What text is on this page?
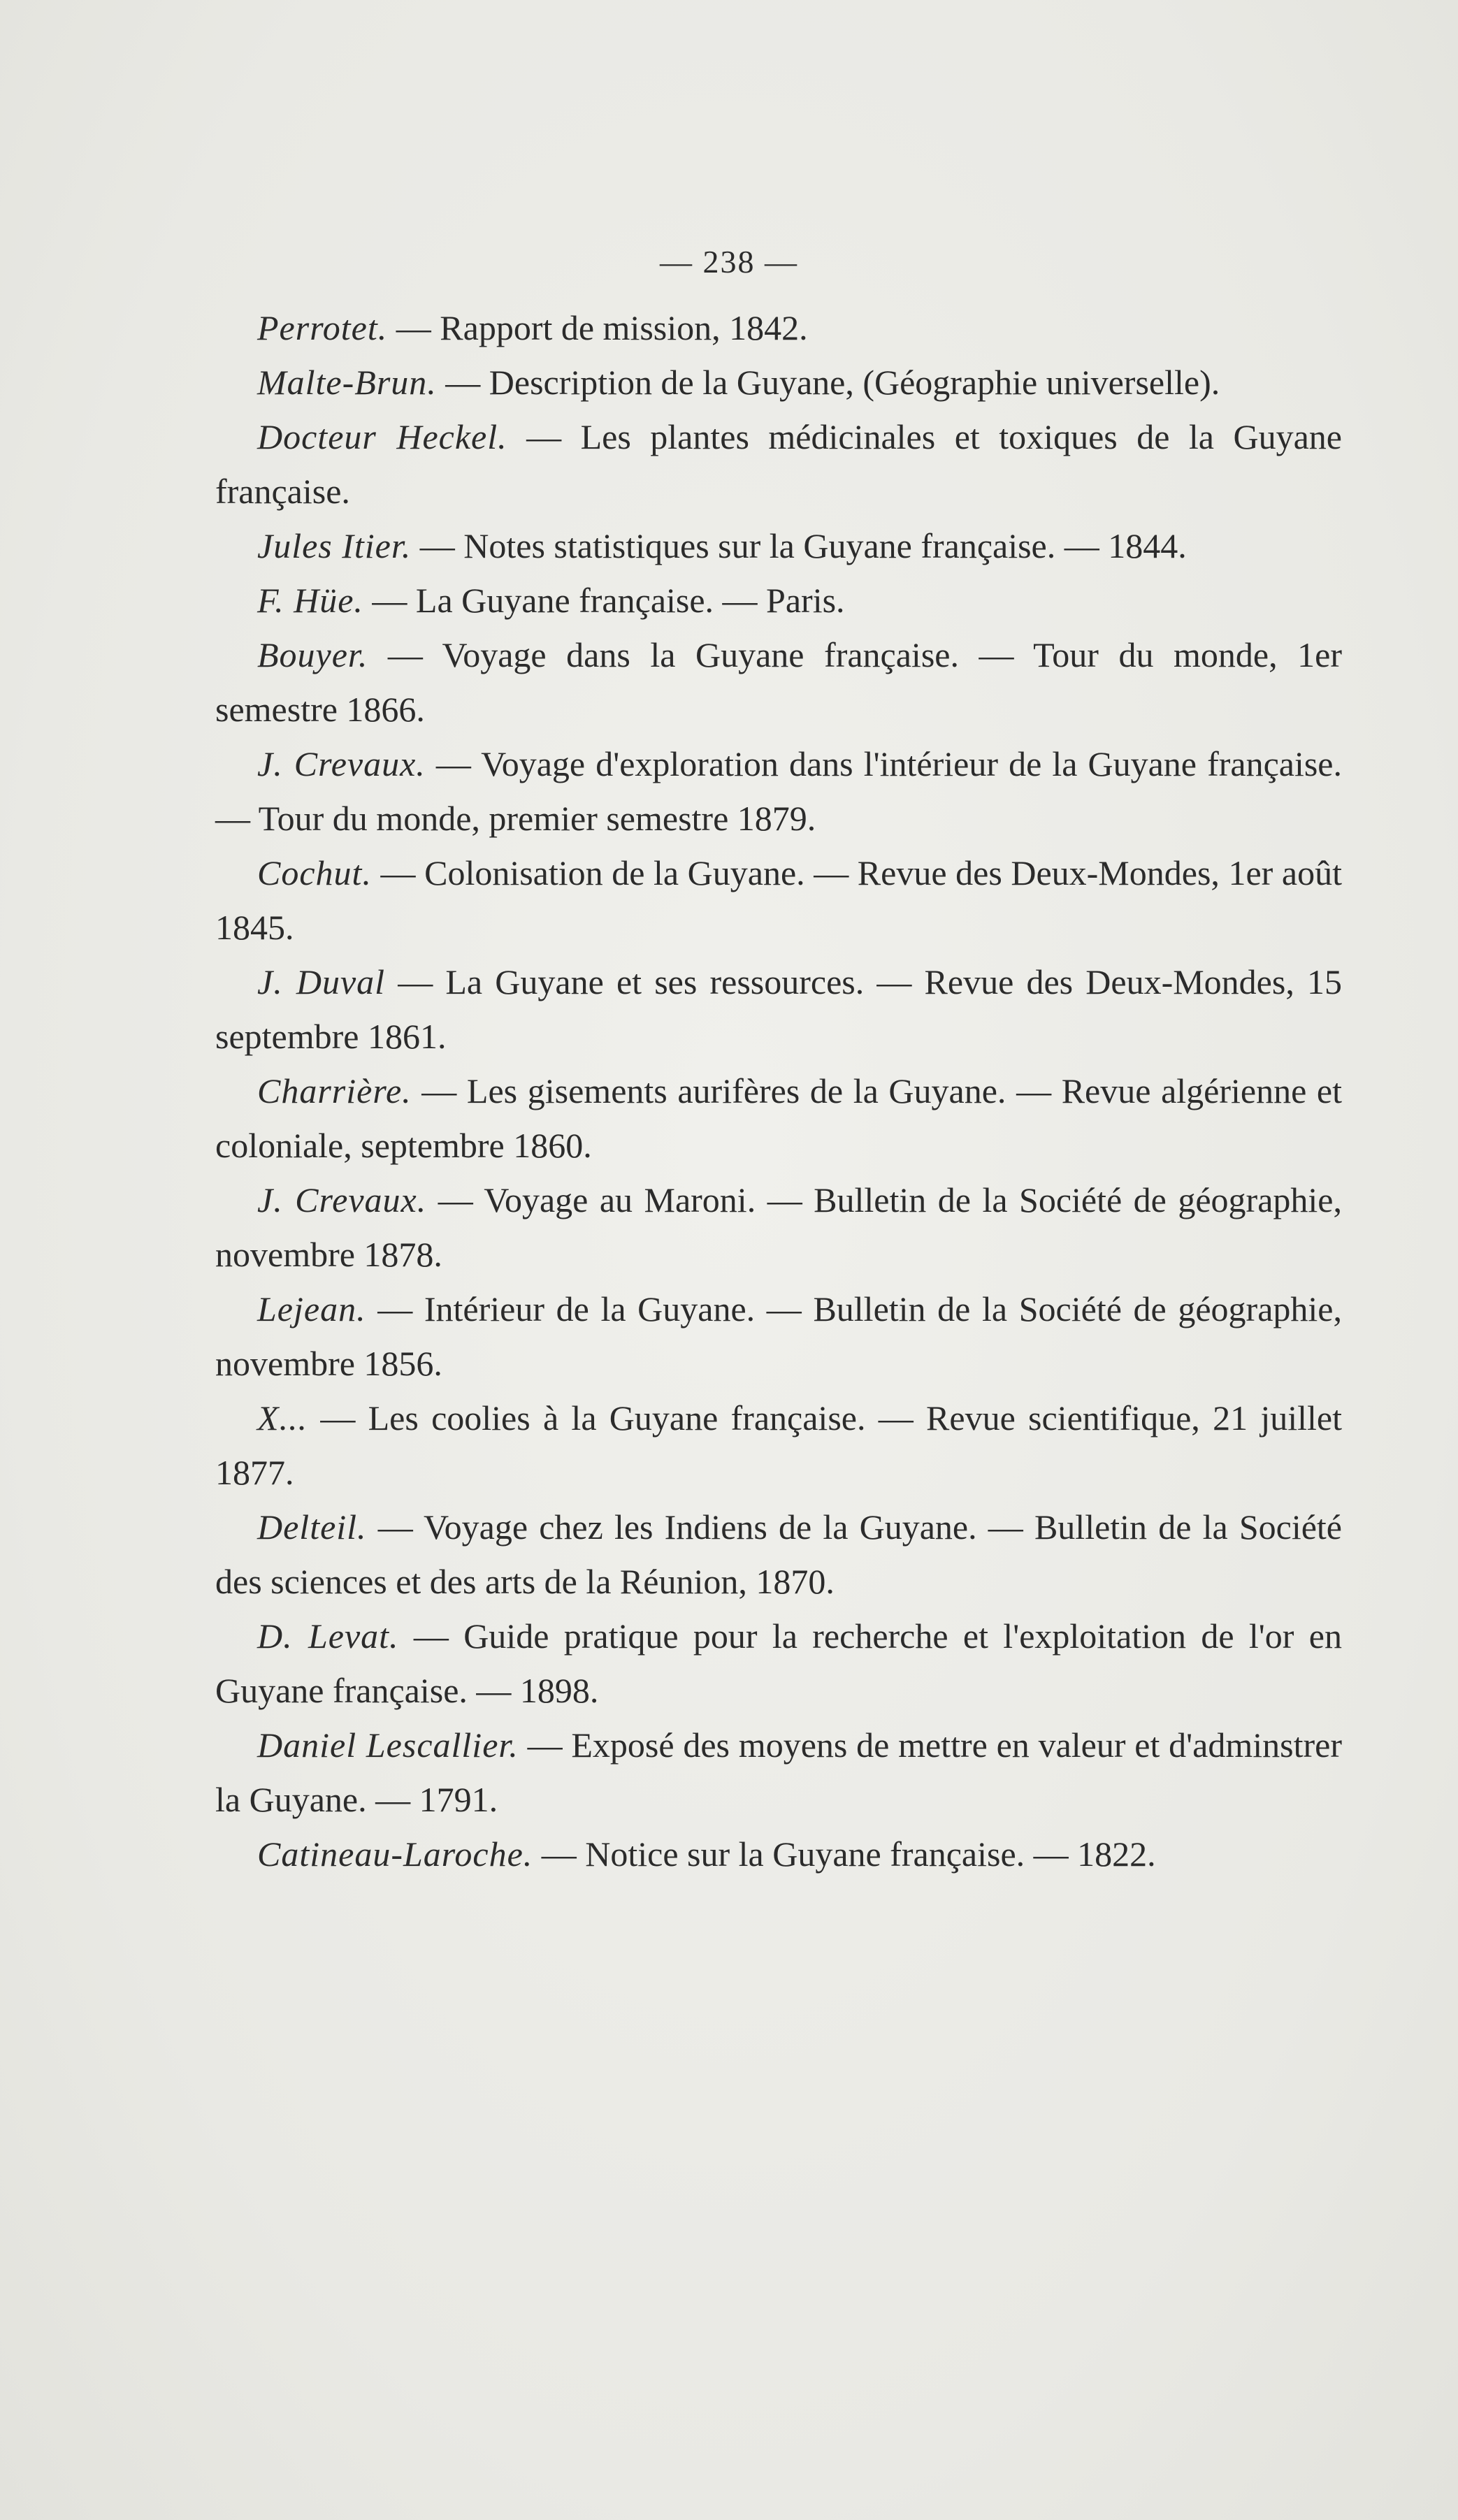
— 238 —
Perrotet. — Rapport de mission, 1842.
Malte-Brun. — Description de la Guyane, (Géographie universelle).
Docteur Heckel. — Les plantes médicinales et toxiques de la Guyane française.
Jules Itier. — Notes statistiques sur la Guyane française. — 1844.
F. Hüe. — La Guyane française. — Paris.
Bouyer. — Voyage dans la Guyane française. — Tour du monde, 1er semestre 1866.
J. Crevaux. — Voyage d'exploration dans l'intérieur de la Guyane française. — Tour du monde, premier semestre 1879.
Cochut. — Colonisation de la Guyane. — Revue des Deux-Mondes, 1er août 1845.
J. Duval — La Guyane et ses ressources. — Revue des Deux-Mondes, 15 septembre 1861.
Charrière. — Les gisements aurifères de la Guyane. — Revue algérienne et coloniale, septembre 1860.
J. Crevaux. — Voyage au Maroni. — Bulletin de la Société de géographie, novembre 1878.
Lejean. — Intérieur de la Guyane. — Bulletin de la Société de géographie, novembre 1856.
X... — Les coolies à la Guyane française. — Revue scientifique, 21 juillet 1877.
Delteil. — Voyage chez les Indiens de la Guyane. — Bulletin de la Société des sciences et des arts de la Réunion, 1870.
D. Levat. — Guide pratique pour la recherche et l'exploitation de l'or en Guyane française. — 1898.
Daniel Lescallier. — Exposé des moyens de mettre en valeur et d'adminstrer la Guyane. — 1791.
Catineau-Laroche. — Notice sur la Guyane française. — 1822.
